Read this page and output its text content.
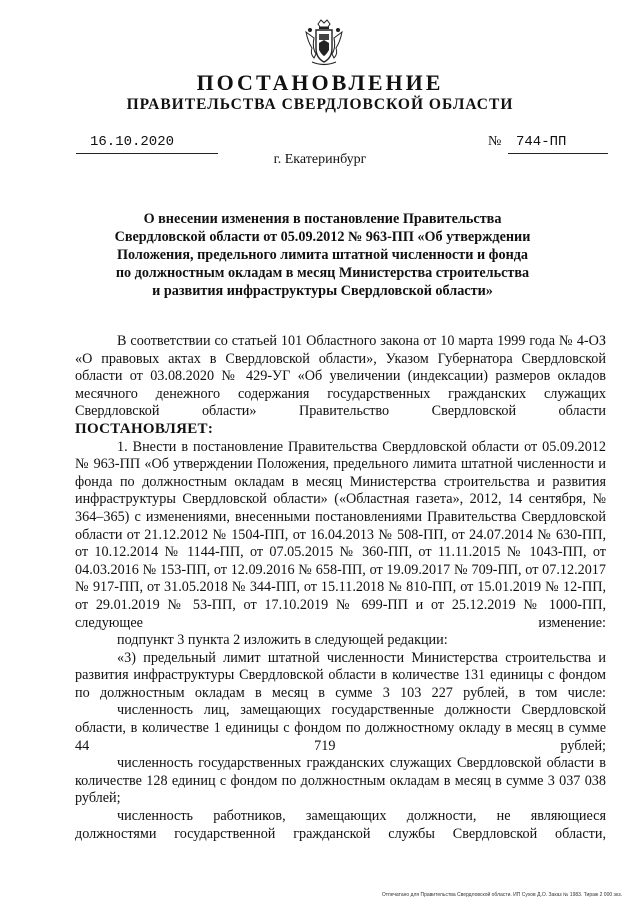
ПОСТАНОВЛЕНИЕ
ПРАВИТЕЛЬСТВА СВЕРДЛОВСКОЙ ОБЛАСТИ
16.10.2020	№	744-ПП
г. Екатеринбург
О внесении изменения в постановление Правительства
Свердловской области от 05.09.2012 № 963-ПП «Об утверждении
Положения, предельного лимита штатной численности и фонда
по должностным окладам в месяц Министерства строительства
и развития инфраструктуры Свердловской области»

В соответствии со статьей 101 Областного закона от 10 марта 1999 года № 4-ОЗ «О правовых актах в Свердловской области», Указом Губернатора Свердловской области от 03.08.2020 № 429-УГ «Об увеличении (индексации) размеров окладов месячного денежного содержания государственных гражданских служащих Свердловской области» Правительство Свердловской области

ПОСТАНОВЛЯЕТ:

1. Внести в постановление Правительства Свердловской области от 05.09.2012 № 963-ПП «Об утверждении Положения, предельного лимита штатной численности и фонда по должностным окладам в месяц Министерства строительства и развития инфраструктуры Свердловской области» («Областная газета», 2012, 14 сентября, № 364–365) с изменениями, внесенными постановлениями Правительства Свердловской области от 21.12.2012 № 1504-ПП, от 16.04.2013 № 508-ПП, от 24.07.2014 № 630-ПП, от 10.12.2014 № 1144-ПП, от 07.05.2015 № 360-ПП, от 11.11.2015 № 1043-ПП, от 04.03.2016 № 153-ПП, от 12.09.2016 № 658-ПП, от 19.09.2017 № 709-ПП, от 07.12.2017 № 917-ПП, от 31.05.2018 № 344-ПП, от 15.11.2018 № 810-ПП, от 15.01.2019 № 12-ПП, от 29.01.2019 № 53-ПП, от 17.10.2019 № 699-ПП и от 25.12.2019 № 1000-ПП, следующее изменение:

подпункт 3 пункта 2 изложить в следующей редакции:

«3) предельный лимит штатной численности Министерства строительства и развития инфраструктуры Свердловской области в количестве 131 единицы с фондом по должностным окладам в месяц в сумме 3 103 227 рублей, в том числе:

численность лиц, замещающих государственные должности Свердловской области, в количестве 1 единицы с фондом по должностному окладу в месяц в сумме 44 719 рублей;

численность государственных гражданских служащих Свердловской области в количестве 128 единиц с фондом по должностным окладам в месяц в сумме 3 037 038 рублей;

численность работников, замещающих должности, не являющиеся должностями государственной гражданской службы Свердловской области,

Отпечатано для Правительства Свердловской области. ИП Сухов Д.О. Заказ № 1983. Тираж 2 000 экз.
